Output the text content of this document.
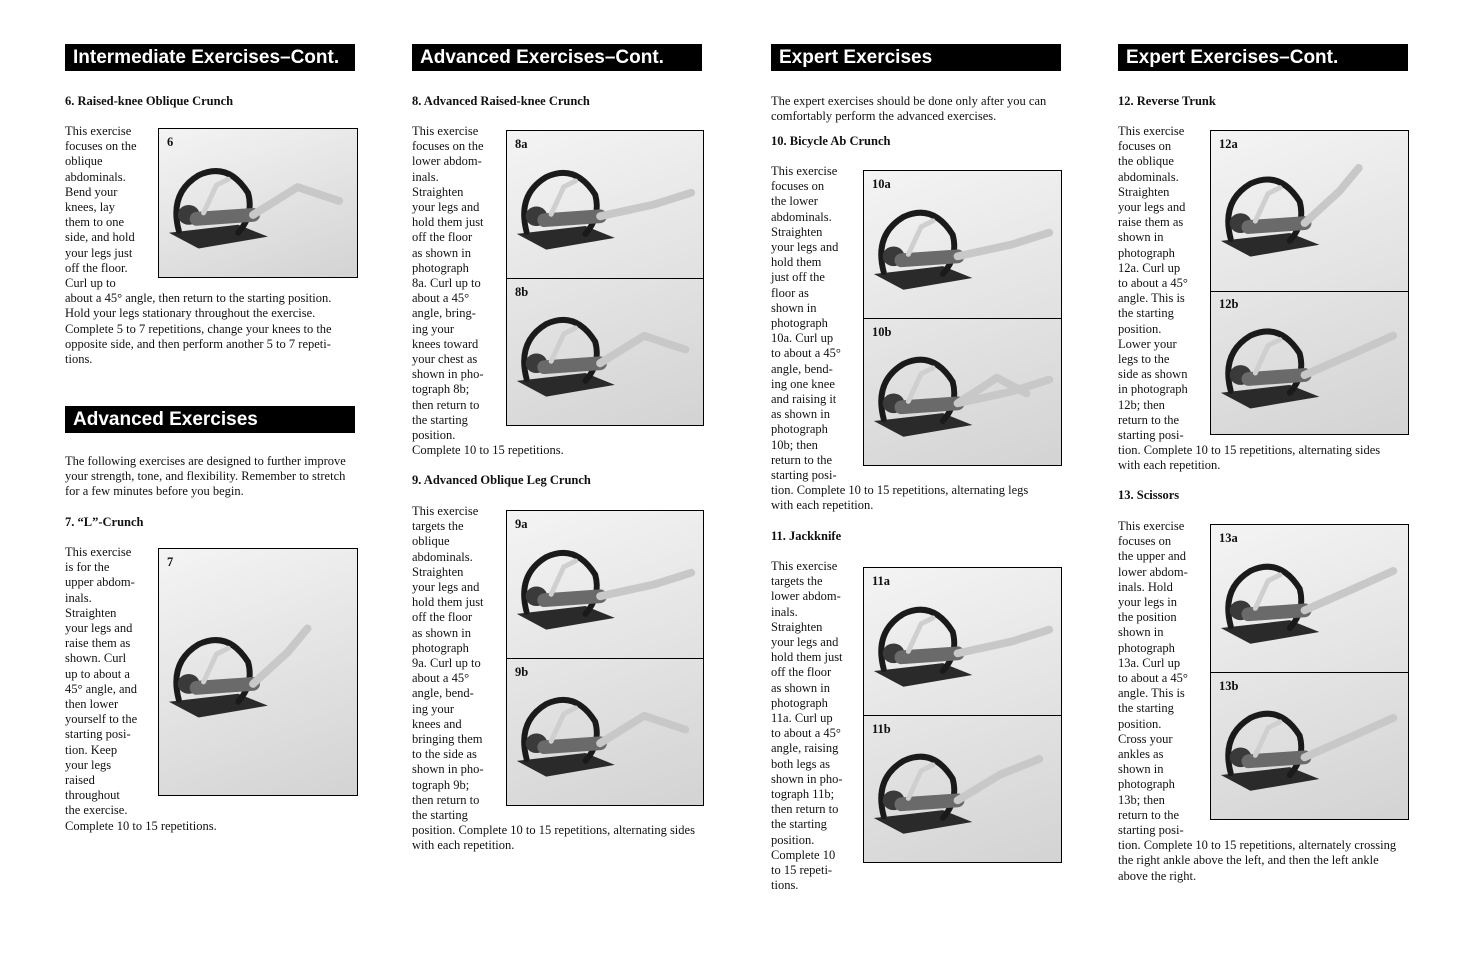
Intermediate Exercises–Cont.
6. Raised-knee Oblique Crunch
This exercise
focuses on the
oblique
abdominals.
Bend your
knees, lay
them to one
side, and hold
your legs just
off the floor.
Curl up to
about a 45° angle, then return to the starting position.
Hold your legs stationary throughout the exercise.
Complete 5 to 7 repetitions, change your knees to the
opposite side, and then perform another 5 to 7 repeti-
tions.
6
Advanced Exercises
The following exercises are designed to further improve
your strength, tone, and flexibility. Remember to stretch
for a few minutes before you begin.
7. “L”-Crunch
This exercise
is for the
upper abdom-
inals.
Straighten
your legs and
raise them as
shown. Curl
up to about a
45° angle, and
then lower
yourself to the
starting posi-
tion. Keep
your legs
raised
throughout
the exercise.
Complete 10 to 15 repetitions.
7
Advanced Exercises–Cont.
8. Advanced Raised-knee Crunch
This exercise
focuses on the
lower abdom-
inals.
Straighten
your legs and
hold them just
off the floor
as shown in
photograph
8a. Curl up to
about a 45°
angle, bring-
ing your
knees toward
your chest as
shown in pho-
tograph 8b;
then return to
the starting
position.
Complete 10 to 15 repetitions.
8a
8b
9. Advanced Oblique Leg Crunch
This exercise
targets the
oblique
abdominals.
Straighten
your legs and
hold them just
off the floor
as shown in
photograph
9a. Curl up to
about a 45°
angle, bend-
ing your
knees and
bringing them
to the side as
shown in pho-
tograph 9b;
then return to
the starting
position. Complete 10 to 15 repetitions, alternating sides
with each repetition.
9a
9b
Expert Exercises
The expert exercises should be done only after you can
comfortably perform the advanced exercises.
10. Bicycle Ab Crunch
This exercise
focuses on
the lower
abdominals.
Straighten
your legs and
hold them
just off the
floor as
shown in
photograph
10a. Curl up
to about a 45°
angle, bend-
ing one knee
and raising it
as shown in
photograph
10b; then
return to the
starting posi-
tion. Complete 10 to 15 repetitions, alternating legs
with each repetition.
10a
10b
11. Jackknife
This exercise
targets the
lower abdom-
inals.
Straighten
your legs and
hold them just
off the floor
as shown in
photograph
11a. Curl up
to about a 45°
angle, raising
both legs as
shown in pho-
tograph 11b;
then return to
the starting
position.
Complete 10
to 15 repeti-
tions.
11a
11b
Expert Exercises–Cont.
12. Reverse Trunk
This exercise
focuses on
the oblique
abdominals.
Straighten
your legs and
raise them as
shown in
photograph
12a. Curl up
to about a 45°
angle. This is
the starting
position.
Lower your
legs to the
side as shown
in photograph
12b; then
return to the
starting posi-
tion. Complete 10 to 15 repetitions, alternating sides
with each repetition.
12a
12b
13. Scissors
This exercise
focuses on
the upper and
lower abdom-
inals. Hold
your legs in
the position
shown in
photograph
13a. Curl up
to about a 45°
angle. This is
the starting
position.
Cross your
ankles as
shown in
photograph
13b; then
return to the
starting posi-
tion. Complete 10 to 15 repetitions, alternately crossing
the right ankle above the left, and then the left ankle
above the right.
13a
13b
